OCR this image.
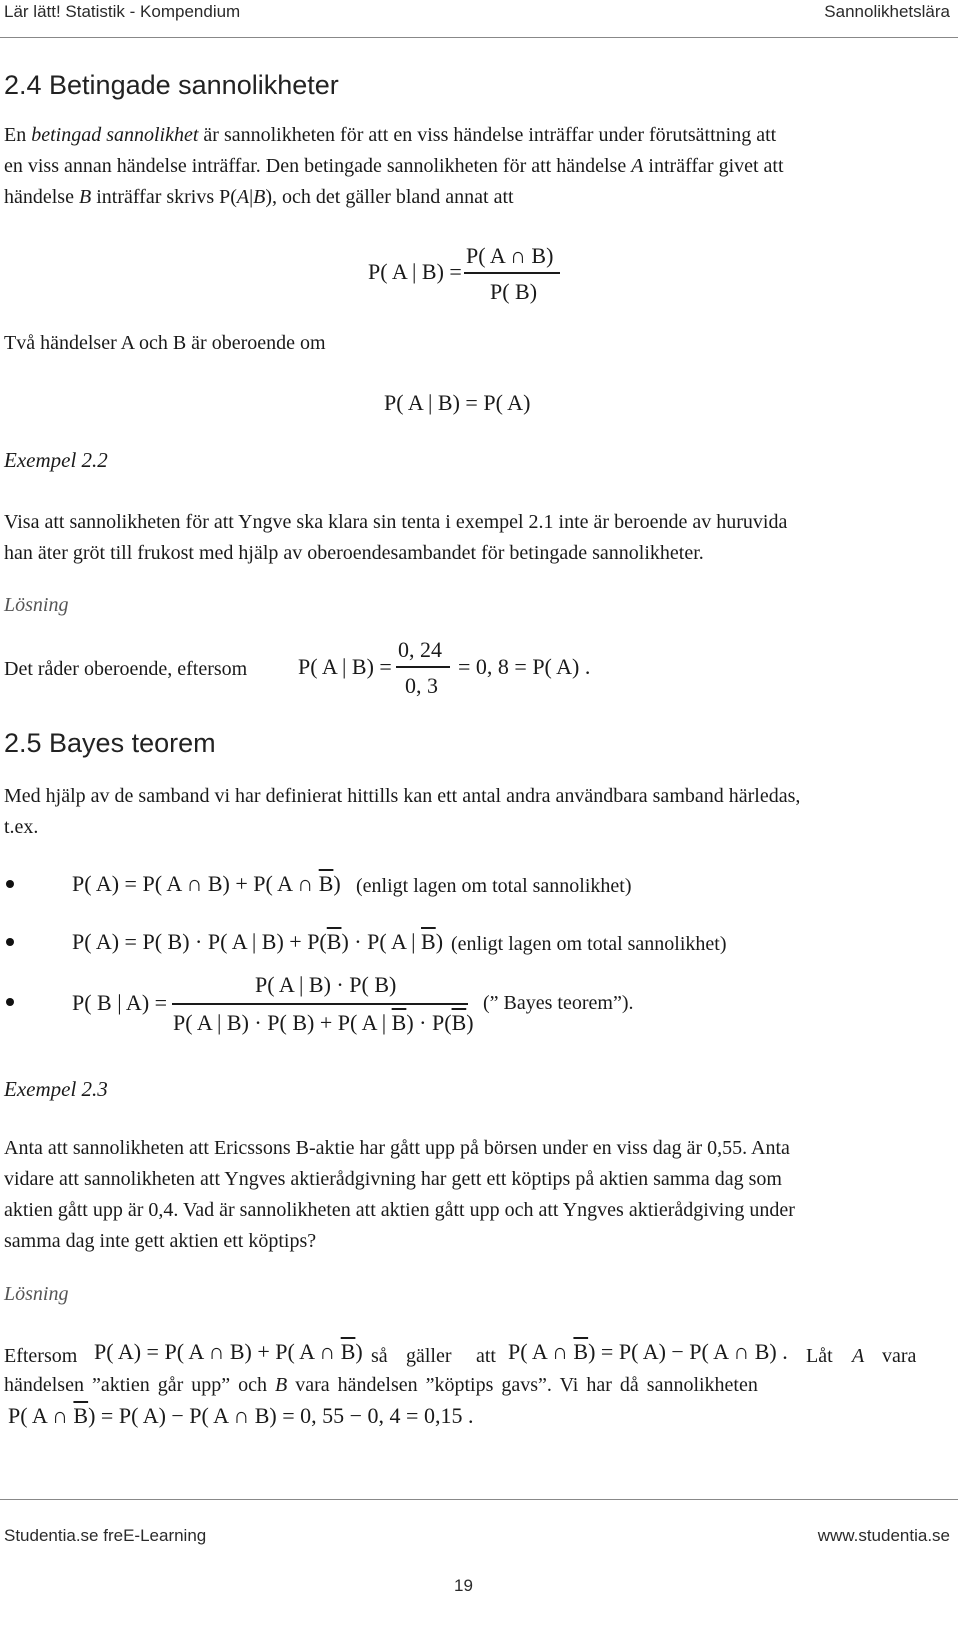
Lär lätt! Statistik - Kompendium	Sannolikhetslära
2.4 Betingade sannolikheter
En betingad sannolikhet är sannolikheten för att en viss händelse inträffar under förutsättning att
en viss annan händelse inträffar. Den betingade sannolikheten för att händelse A inträffar givet att
händelse B inträffar skrivs P(A|B), och det gäller bland annat att
P( A | B) =
P( A ∩ B)
P( B)
Två händelser A och B är oberoende om
P( A | B) = P( A)
Exempel 2.2
Visa att sannolikheten för att Yngve ska klara sin tenta i exempel 2.1 inte är beroende av huruvida
han äter gröt till frukost med hjälp av oberoendesambandet för betingade sannolikheter.
Lösning
Det råder oberoende, eftersom P( A | B) =
0, 24
0, 3
= 0, 8 = P( A) .
2.5 Bayes teorem
Med hjälp av de samband vi har definierat hittills kan ett antal andra användbara samband härledas,
t.ex.
P( A) = P( A ∩ B) + P( A ∩ $\overline{B}$) (enligt lagen om total sannolikhet)
P( A) = P( B) · P( A | $B) + P(\overline{B}) \cdot P$( A | $\overline{B}$) (enligt lagen om total sannolikhet)
P( B | A) =
P( A | B) · P( B)
P( A | B) · P( B) + P( A | $\overline{B}) \cdot P(\overline{B})$
(” Bayes teorem”).
Exempel 2.3
Anta att sannolikheten att Ericssons B-aktie har gått upp på börsen under en viss dag är 0,55. Anta
vidare att sannolikheten att Yngves aktierådgivning har gett ett köptips på aktien samma dag som
aktien gått upp är 0,4. Vad är sannolikheten att aktien gått upp och att Yngves aktierådgiving under
samma dag inte gett aktien ett köptips?
Lösning
Eftersom P( A) = P( A ∩ B) + P( A ∩ $\overline{B}$) så gäller att P( A ∩ $\overline{B}) = P$( A) − P( A ∩ B) . Låt A vara
händelsen ”aktien går upp” och B vara händelsen ”köptips gavs”. Vi har då sannolikheten
P( A ∩ $\overline{B}) = P$( A) − P( A ∩ B) = 0, 55 − 0, 4 = 0,15 .
Studentia.se freE-Learning	www.studentia.se
19
